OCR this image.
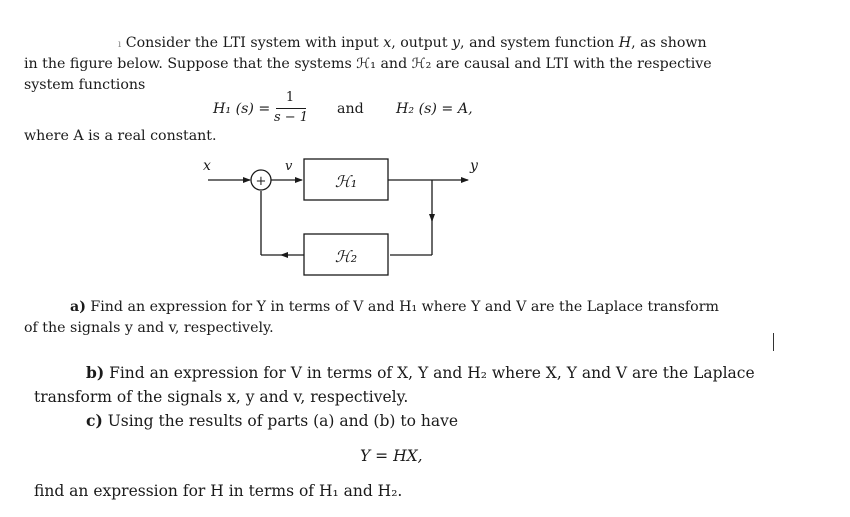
ı Consider the LTI system with input 𝑥, output 𝑦, and system function 𝐻, as shown
in the figure below. Suppose that the systems ℋ₁ and ℋ₂ are causal and LTI with the respective
system functions
H₁ (s) =
1
s − 1
and H₂ (s) = A,
where A is a real constant.
x	v	y
+	ℋ₁
ℋ₂
a) Find an expression for Y in terms of V and H₁ where Y and V are the Laplace transform
of the signals y and v, respectively.
b) Find an expression for V in terms of X, Y and H₂ where X, Y and V are the Laplace
transform of the signals x, y and v, respectively.
c) Using the results of parts (a) and (b) to have
Y = HX,
find an expression for H in terms of H₁ and H₂.
